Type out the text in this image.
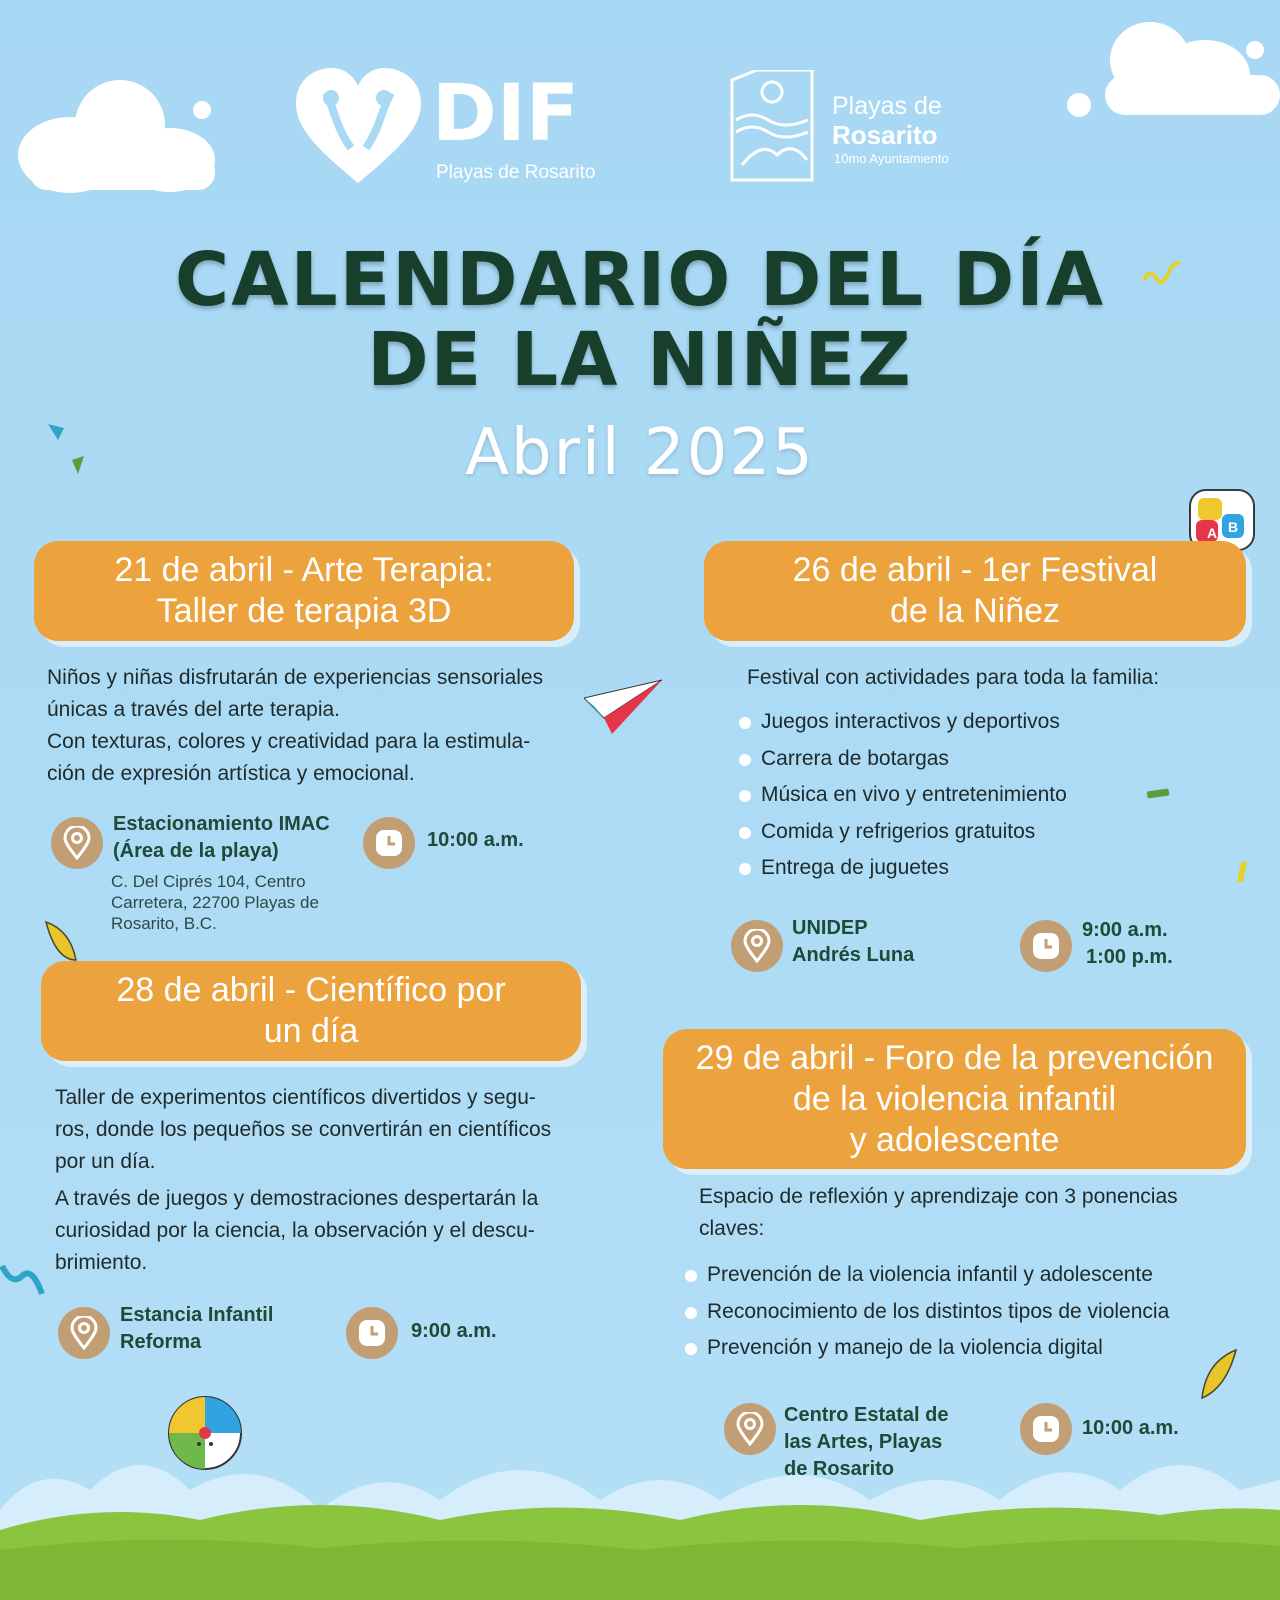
DIF
Playas de Rosarito
Playas de
Rosarito
10mo Ayuntamiento
CALENDARIO DEL DÍA
DE LA NIÑEZ
Abril 2025
A B
21 de abril - Arte Terapia:
Taller de terapia 3D
Niños y niñas disfrutarán de experiencias sensoriales
únicas a través del arte terapia.
Con texturas, colores y creatividad para la estimula-
ción de expresión artística y emocional.
Estacionamiento IMAC
(Área de la playa)
C. Del Ciprés 104, Centro
Carretera, 22700 Playas de
Rosarito, B.C.
10:00 a.m.
26 de abril - 1er Festival
de la Niñez
Festival con actividades para toda la familia:
Juegos interactivos y deportivos
Carrera de botargas
Música en vivo y entretenimiento
Comida y refrigerios gratuitos
Entrega de juguetes
UNIDEP
Andrés Luna
9:00 a.m.
1:00 p.m.
28 de abril - Científico por
un día
Taller de experimentos científicos divertidos y segu-
ros, donde los pequeños se convertirán en científicos
por un día.
A través de juegos y demostraciones despertarán la
curiosidad por la ciencia, la observación y el descu-
brimiento.
Estancia Infantil
Reforma	9:00 a.m.
29 de abril - Foro de la prevención
de la violencia infantil
y adolescente
Espacio de reflexión y aprendizaje con 3 ponencias
claves:
Prevención de la violencia infantil y adolescente
Reconocimiento de los distintos tipos de violencia
Prevención y manejo de la violencia digital
Centro Estatal de
las Artes, Playas
de Rosarito
10:00 a.m.
